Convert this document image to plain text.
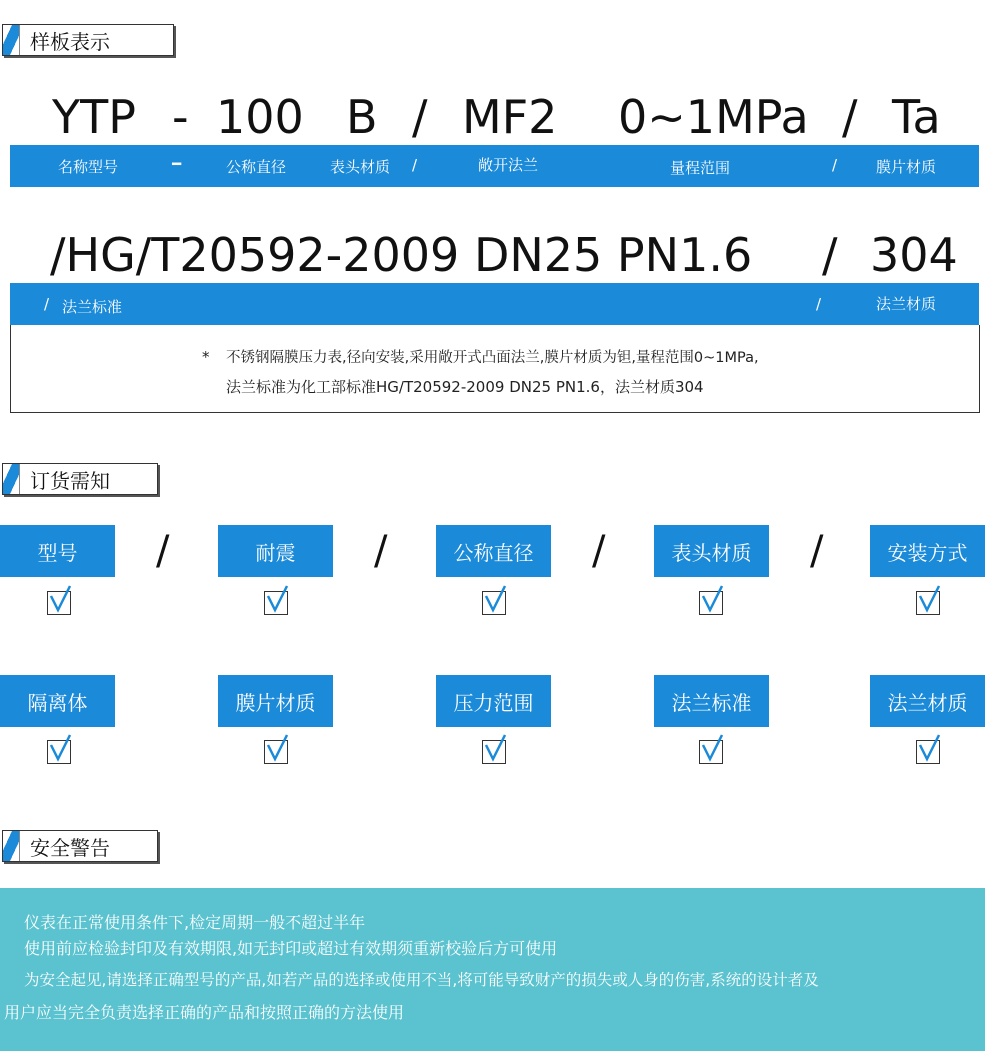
样板表示
YTP - 100 B / MF2 0~1MPa / Ta
名称型号	━	公称直径	表头材质 /	敞开法兰	量程范围	/	膜片材质
/HG/T20592-2009 DN25 PN1.6 / 304
/ 法兰标准	/	法兰材质
* 不锈钢隔膜压力表,径向安装,采用敞开式凸面法兰,膜片材质为钽,量程范围0~1MPa,
法兰标准为化工部标准HG/T20592-2009 DN25 PN1.6，法兰材质304
订货需知
型号	耐震	公称直径	表头材质	安装方式
/	/	/	/
隔离体	膜片材质	压力范围	法兰标准	法兰材质
安全警告
仪表在正常使用条件下,检定周期一般不超过半年
使用前应检验封印及有效期限,如无封印或超过有效期须重新校验后方可使用
为安全起见,请选择正确型号的产品,如若产品的选择或使用不当,将可能导致财产的损失或人身的伤害,系统的设计者及
用户应当完全负责选择正确的产品和按照正确的方法使用
